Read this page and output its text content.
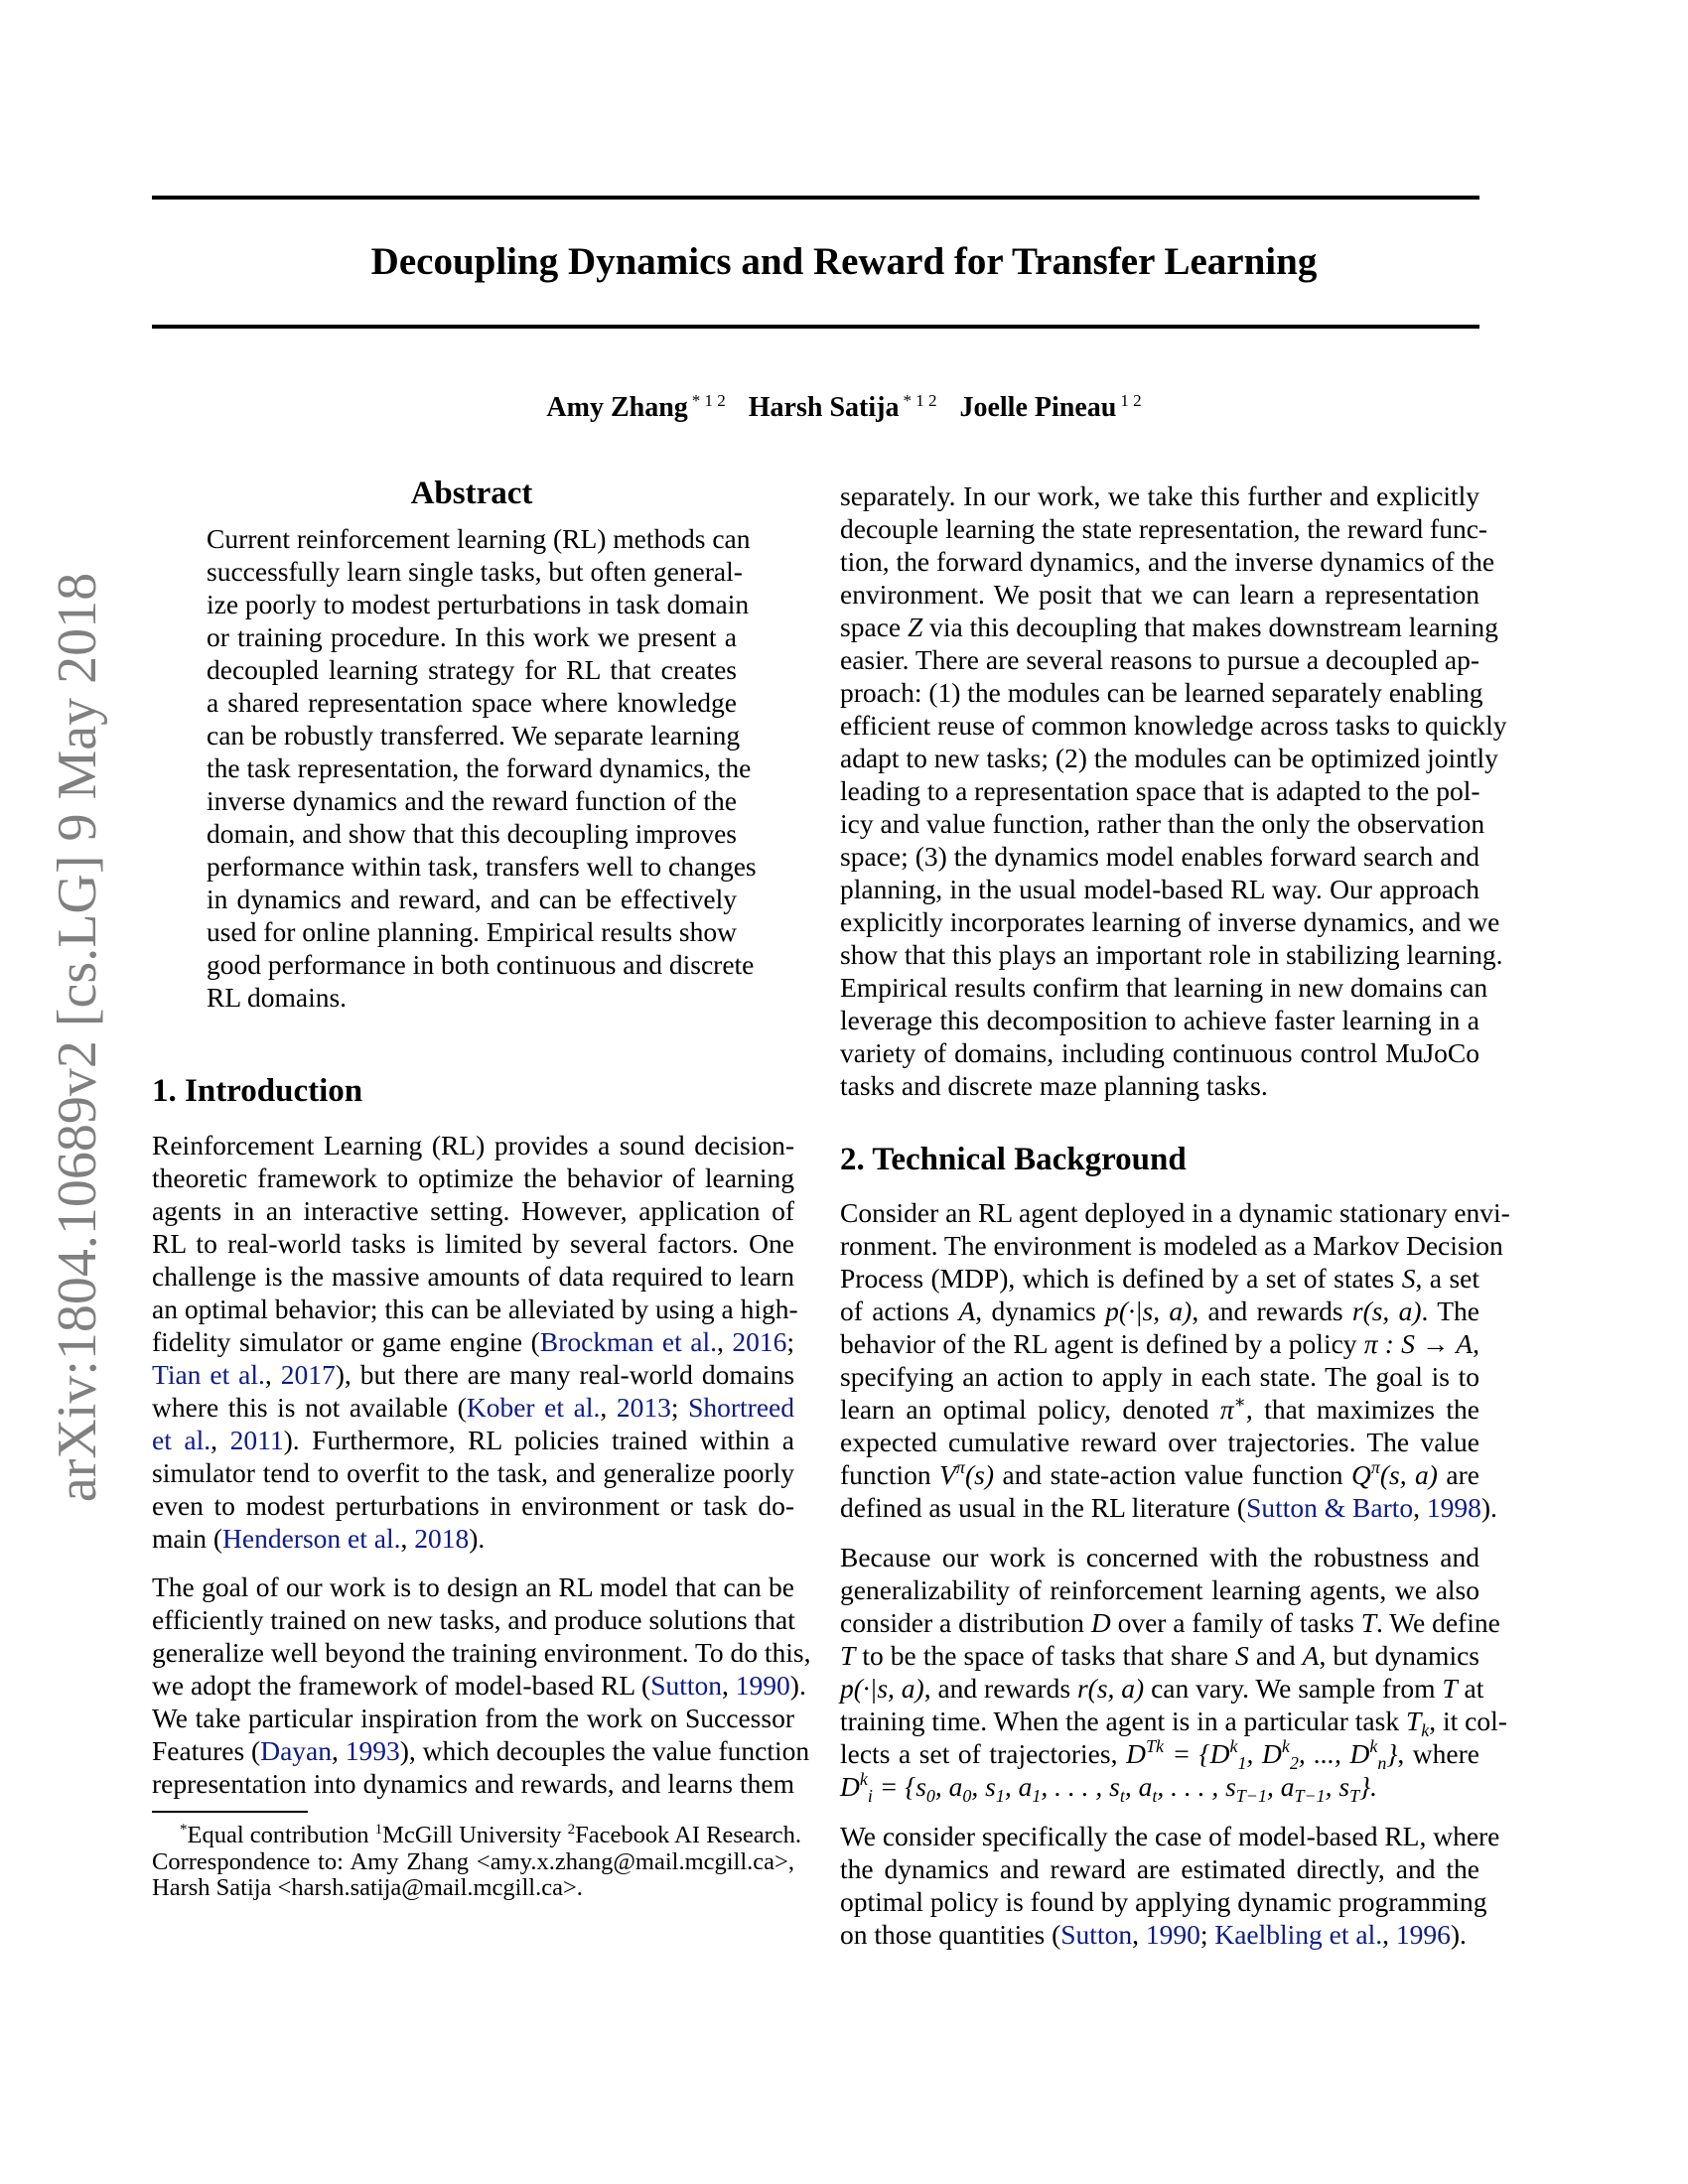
arXiv:1804.10689v2 [cs.LG] 9 May 2018
Decoupling Dynamics and Reward for Transfer Learning
Amy Zhang $^{* 1 2}$ Harsh Satija $^{* 1 2}$ Joelle Pineau $^{1 2}$
Abstract
Current reinforcement learning (RL) methods can
successfully learn single tasks, but often general-
ize poorly to modest perturbations in task domain
or training procedure. In this work we present a
decoupled learning strategy for RL that creates
a shared representation space where knowledge
can be robustly transferred. We separate learning
the task representation, the forward dynamics, the
inverse dynamics and the reward function of the
domain, and show that this decoupling improves
performance within task, transfers well to changes
in dynamics and reward, and can be effectively
used for online planning. Empirical results show
good performance in both continuous and discrete
RL domains.
1. Introduction
Reinforcement Learning (RL) provides a sound decision-
theoretic framework to optimize the behavior of learning
agents in an interactive setting. However, application of
RL to real-world tasks is limited by several factors. One
challenge is the massive amounts of data required to learn
an optimal behavior; this can be alleviated by using a high-
fidelity simulator or game engine (Brockman et al., 2016;
Tian et al., 2017), but there are many real-world domains
where this is not available (Kober et al., 2013; Shortreed
et al., 2011). Furthermore, RL policies trained within a
simulator tend to overfit to the task, and generalize poorly
even to modest perturbations in environment or task do-
main (Henderson et al., 2018).
The goal of our work is to design an RL model that can be
efficiently trained on new tasks, and produce solutions that
generalize well beyond the training environment. To do this,
we adopt the framework of model-based RL (Sutton, 1990).
We take particular inspiration from the work on Successor
Features (Dayan, 1993), which decouples the value function
representation into dynamics and rewards, and learns them
*Equal contribution $^1$McGill University $^2$Facebook AI Research.
Correspondence to: Amy Zhang <amy.x.zhang@mail.mcgill.ca>,
Harsh Satija <harsh.satija@mail.mcgill.ca>.
separately. In our work, we take this further and explicitly
decouple learning the state representation, the reward func-
tion, the forward dynamics, and the inverse dynamics of the
environment. We posit that we can learn a representation
space Z via this decoupling that makes downstream learning
easier. There are several reasons to pursue a decoupled ap-
proach: (1) the modules can be learned separately enabling
efficient reuse of common knowledge across tasks to quickly
adapt to new tasks; (2) the modules can be optimized jointly
leading to a representation space that is adapted to the pol-
icy and value function, rather than the only the observation
space; (3) the dynamics model enables forward search and
planning, in the usual model-based RL way. Our approach
explicitly incorporates learning of inverse dynamics, and we
show that this plays an important role in stabilizing learning.
Empirical results confirm that learning in new domains can
leverage this decomposition to achieve faster learning in a
variety of domains, including continuous control MuJoCo
tasks and discrete maze planning tasks.
2. Technical Background
Consider an RL agent deployed in a dynamic stationary envi-
ronment. The environment is modeled as a Markov Decision
Process (MDP), which is defined by a set of states S, a set
of actions A, dynamics p(·|s, a), and rewards r(s, a). The
behavior of the RL agent is defined by a policy π : S → A,
specifying an action to apply in each state. The goal is to
learn an optimal policy, denoted π∗, that maximizes the
expected cumulative reward over trajectories. The value
function $V^\pi(s)$ and state-action value function $Q^\pi(s$, a) are
defined as usual in the RL literature (Sutton & Barto, 1998).
Because our work is concerned with the robustness and
generalizability of reinforcement learning agents, we also
consider a distribution D over a family of tasks T. We define
T to be the space of tasks that share S and A, but dynamics
p(·|s, a), and rewards r(s, a) can vary. We sample from T at
training time. When the agent is in a particular task $T_k$, it col-
lects a set of trajectories, $D^{Tk} = \{D^k_1$, $D^k_2$, ..., $D^k_n$}, where
$D^k_i = \{s_0$, $a_0$, $s_1$, $a_1$, . . . , $s_t$, $a_t$, . . . , $s_{T-1}$, $a_{T-1}$, $s_T$}.
We consider specifically the case of model-based RL, where
the dynamics and reward are estimated directly, and the
optimal policy is found by applying dynamic programming
on those quantities (Sutton, 1990; Kaelbling et al., 1996).
